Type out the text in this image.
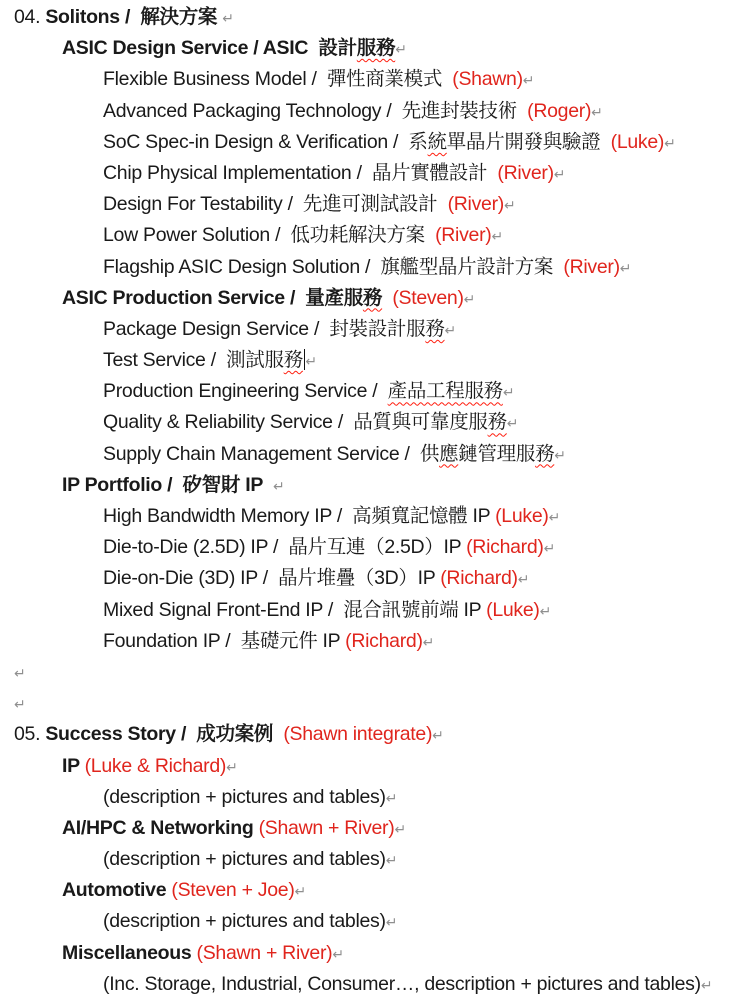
04. Solitons /  解決方案 ↵
ASIC Design Service / ASIC  設計服務↵
Flexible Business Model /  彈性商業模式  (Shawn)↵
Advanced Packaging Technology /  先進封裝技術  (Roger)↵
SoC Spec-in Design & Verification /  系統單晶片開發與驗證  (Luke)↵
Chip Physical Implementation /  晶片實體設計  (River)↵
Design For Testability /  先進可測試設計  (River)↵
Low Power Solution /  低功耗解決方案  (River)↵
Flagship ASIC Design Solution /  旗艦型晶片設計方案  (River)↵
ASIC Production Service /  量產服務 (Steven)↵
Package Design Service /  封裝設計服務↵
Test Service /  測試服務 ↵
Production Engineering Service /  產品工程服務↵
Quality & Reliability Service /  品質與可靠度服務↵
Supply Chain Management Service /  供應鏈管理服務↵
IP Portfolio /  矽智財 IP  ↵
High Bandwidth Memory IP /  高頻寬記憶體 IP (Luke)↵
Die-to-Die (2.5D) IP /  晶片互連（2.5D）IP (Richard)↵
Die-on-Die (3D) IP /  晶片堆疊（3D）IP (Richard)↵
Mixed Signal Front-End IP /  混合訊號前端 IP (Luke)↵
Foundation IP /  基礎元件 IP (Richard)↵
↵
↵
05. Success Story /  成功案例  (Shawn integrate)↵
IP (Luke & Richard)↵
(description + pictures and tables)↵
AI/HPC & Networking (Shawn + River)↵
(description + pictures and tables)↵
Automotive (Steven + Joe)↵
(description + pictures and tables)↵
Miscellaneous (Shawn + River)↵
(Inc. Storage, Industrial, Consumer…, description + pictures and tables)↵
